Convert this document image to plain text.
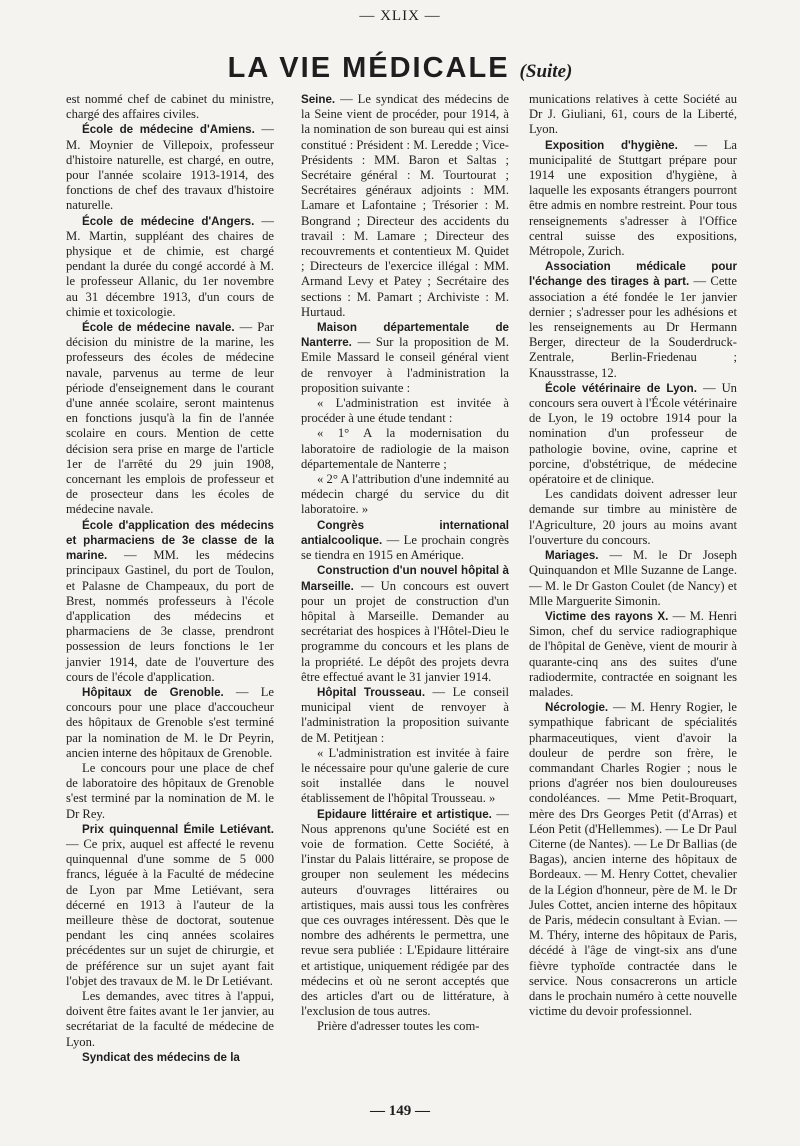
— XLIX —
LA VIE MÉDICALE (Suite)

est nommé chef de cabinet du ministre, chargé des affaires civiles.

École de médecine d'Amiens. — M. Moynier de Villepoix, professeur d'histoire naturelle, est chargé, en outre, pour l'année scolaire 1913-1914, des fonctions de chef des travaux d'histoire naturelle.

École de médecine d'Angers. — M. Martin, suppléant des chaires de physique et de chimie, est chargé pendant la durée du congé accordé à M. le professeur Allanic, du 1er novembre au 31 décembre 1913, d'un cours de chimie et toxicologie.

École de médecine navale. — Par décision du ministre de la marine, les professeurs des écoles de médecine navale, parvenus au terme de leur période d'enseignement dans le courant d'une année scolaire, seront maintenus en fonctions jusqu'à la fin de l'année scolaire en cours. Mention de cette décision sera prise en marge de l'article 1er de l'arrêté du 29 juin 1908, concernant les emplois de professeur et de prosecteur dans les écoles de médecine navale.

École d'application des médecins et pharmaciens de 3e classe de la marine. — MM. les médecins principaux Gastinel, du port de Toulon, et Palasne de Champeaux, du port de Brest, nommés professeurs à l'école d'application des médecins et pharmaciens de 3e classe, prendront possession de leurs fonctions le 1er janvier 1914, date de l'ouverture des cours de l'école d'application.

Hôpitaux de Grenoble. — Le concours pour une place d'accoucheur des hôpitaux de Grenoble s'est terminé par la nomination de M. le Dr Peyrin, ancien interne des hôpitaux de Grenoble.

Le concours pour une place de chef de laboratoire des hôpitaux de Grenoble s'est terminé par la nomination de M. le Dr Rey.

Prix quinquennal Émile Letiévant. — Ce prix, auquel est affecté le revenu quinquennal d'une somme de 5 000 francs, léguée à la Faculté de médecine de Lyon par Mme Letiévant, sera décerné en 1913 à l'auteur de la meilleure thèse de doctorat, soutenue pendant les cinq années scolaires précédentes sur un sujet de chirurgie, et de préférence sur un sujet ayant fait l'objet des travaux de M. le Dr Letiévant.

Les demandes, avec titres à l'appui, doivent être faites avant le 1er janvier, au secrétariat de la faculté de médecine de Lyon.

Syndicat des médecins de la

Seine. — Le syndicat des médecins de la Seine vient de procéder, pour 1914, à la nomination de son bureau qui est ainsi constitué : Président : M. Leredde ; Vice-Présidents : MM. Baron et Saltas ; Secrétaire général : M. Tourtourat ; Secrétaires généraux adjoints : MM. Lamare et Lafontaine ; Trésorier : M. Bongrand ; Directeur des accidents du travail : M. Lamare ; Directeur des recouvrements et contentieux M. Quidet ; Directeurs de l'exercice illégal : MM. Armand Levy et Patey ; Secrétaire des sections : M. Pamart ; Archiviste : M. Hurtaud.

Maison départementale de Nanterre. — Sur la proposition de M. Emile Massard le conseil général vient de renvoyer à l'administration la proposition suivante :

« L'administration est invitée à procéder à une étude tendant :

« 1° A la modernisation du laboratoire de radiologie de la maison départementale de Nanterre ;

« 2° A l'attribution d'une indemnité au médecin chargé du service du dit laboratoire. »

Congrès international antialcoolique. — Le prochain congrès se tiendra en 1915 en Amérique.

Construction d'un nouvel hôpital à Marseille. — Un concours est ouvert pour un projet de construction d'un hôpital à Marseille. Demander au secrétariat des hospices à l'Hôtel-Dieu le programme du concours et les plans de la propriété. Le dépôt des projets devra être effectué avant le 31 janvier 1914.

Hôpital Trousseau. — Le conseil municipal vient de renvoyer à l'administration la proposition suivante de M. Petitjean :

« L'administration est invitée à faire le nécessaire pour qu'une galerie de cure soit installée dans le nouvel établissement de l'hôpital Trousseau. »

Epidaure littéraire et artistique. — Nous apprenons qu'une Société est en voie de formation. Cette Société, à l'instar du Palais littéraire, se propose de grouper non seulement les médecins auteurs d'ouvrages littéraires ou artistiques, mais aussi tous les confrères que ces ouvrages intéressent. Dès que le nombre des adhérents le permettra, une revue sera publiée : L'Epidaure littéraire et artistique, uniquement rédigée par des médecins et où ne seront acceptés que des articles d'art ou de littérature, à l'exclusion de tous autres.

Prière d'adresser toutes les com-

munications relatives à cette Société au Dr J. Giuliani, 61, cours de la Liberté, Lyon.

Exposition d'hygiène. — La municipalité de Stuttgart prépare pour 1914 une exposition d'hygiène, à laquelle les exposants étrangers pourront être admis en nombre restreint. Pour tous renseignements s'adresser à l'Office central suisse des expositions, Métropole, Zurich.

Association médicale pour l'échange des tirages à part. — Cette association a été fondée le 1er janvier dernier ; s'adresser pour les adhésions et les renseignements au Dr Hermann Berger, directeur de la Souderdruck-Zentrale, Berlin-Friedenau ; Knausstrasse, 12.

École vétérinaire de Lyon. — Un concours sera ouvert à l'École vétérinaire de Lyon, le 19 octobre 1914 pour la nomination d'un professeur de pathologie bovine, ovine, caprine et porcine, d'obstétrique, de médecine opératoire et de clinique.

Les candidats doivent adresser leur demande sur timbre au ministère de l'Agriculture, 20 jours au moins avant l'ouverture du concours.

Mariages. — M. le Dr Joseph Quinquandon et Mlle Suzanne de Lange. — M. le Dr Gaston Coulet (de Nancy) et Mlle Marguerite Simonin.

Victime des rayons X. — M. Henri Simon, chef du service radiographique de l'hôpital de Genève, vient de mourir à quarante-cinq ans des suites d'une radiodermite, contractée en soignant les malades.

Nécrologie. — M. Henry Rogier, le sympathique fabricant de spécialités pharmaceutiques, vient d'avoir la douleur de perdre son frère, le commandant Charles Rogier ; nous le prions d'agréer nos bien douloureuses condoléances. — Mme Petit-Broquart, mère des Drs Georges Petit (d'Arras) et Léon Petit (d'Hellemmes). — Le Dr Paul Citerne (de Nantes). — Le Dr Ballias (de Bagas), ancien interne des hôpitaux de Bordeaux. — M. Henry Cottet, chevalier de la Légion d'honneur, père de M. le Dr Jules Cottet, ancien interne des hôpitaux de Paris, médecin consultant à Evian. — M. Théry, interne des hôpitaux de Paris, décédé à l'âge de vingt-six ans d'une fièvre typhoïde contractée dans le service. Nous consacrerons un article dans le prochain numéro à cette nouvelle victime du devoir professionnel.

— 149 —
